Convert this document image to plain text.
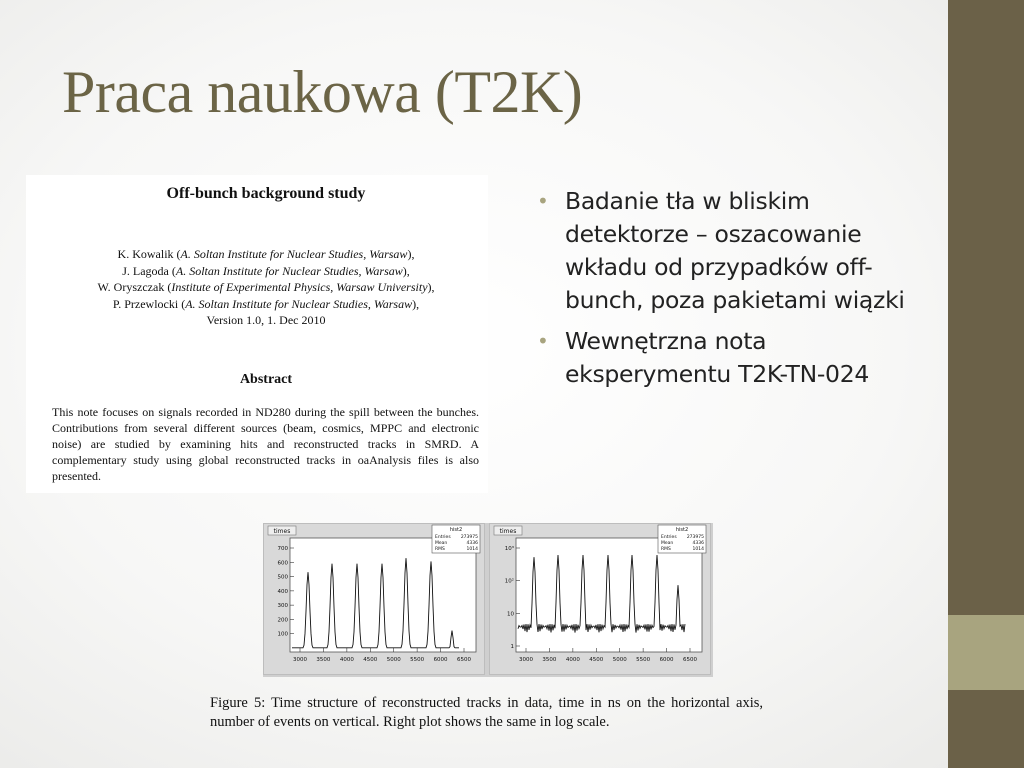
Praca naukowa (T2K)
Off-bunch background study
K. Kowalik (A. Soltan Institute for Nuclear Studies, Warsaw),
J. Lagoda (A. Soltan Institute for Nuclear Studies, Warsaw),
W. Oryszczak (Institute of Experimental Physics, Warsaw University),
P. Przewlocki (A. Soltan Institute for Nuclear Studies, Warsaw),
Version 1.0, 1. Dec 2010
Abstract
This note focuses on signals recorded in ND280 during the spill between the bunches. Contributions from several different sources (beam, cosmics, MPPC and electronic noise) are studied by examining hits and reconstructed tracks in SMRD. A complementary study using global reconstructed tracks in oaAnalysis files is also presented.
• Badanie tła w bliskim detektorze – oszacowanie wkładu od przypadków off-bunch, poza pakietami wiązki
• Wewnętrzna nota eksperymentu T2K-TN-024
times	hist2
Entries 273975
Mean	4336
RMS	1014
3000 3500 4000 4500 5000 5500 6000 6500
100
200
300
400
500
600
700
times	hist2
Entries 273975
Mean	4336
RMS	1014
3000 3500 4000 4500 5000 5500 6000 6500
1
10
10²
10³
Figure 5: Time structure of reconstructed tracks in data, time in ns on the horizontal axis, number of events on vertical. Right plot shows the same in log scale.
